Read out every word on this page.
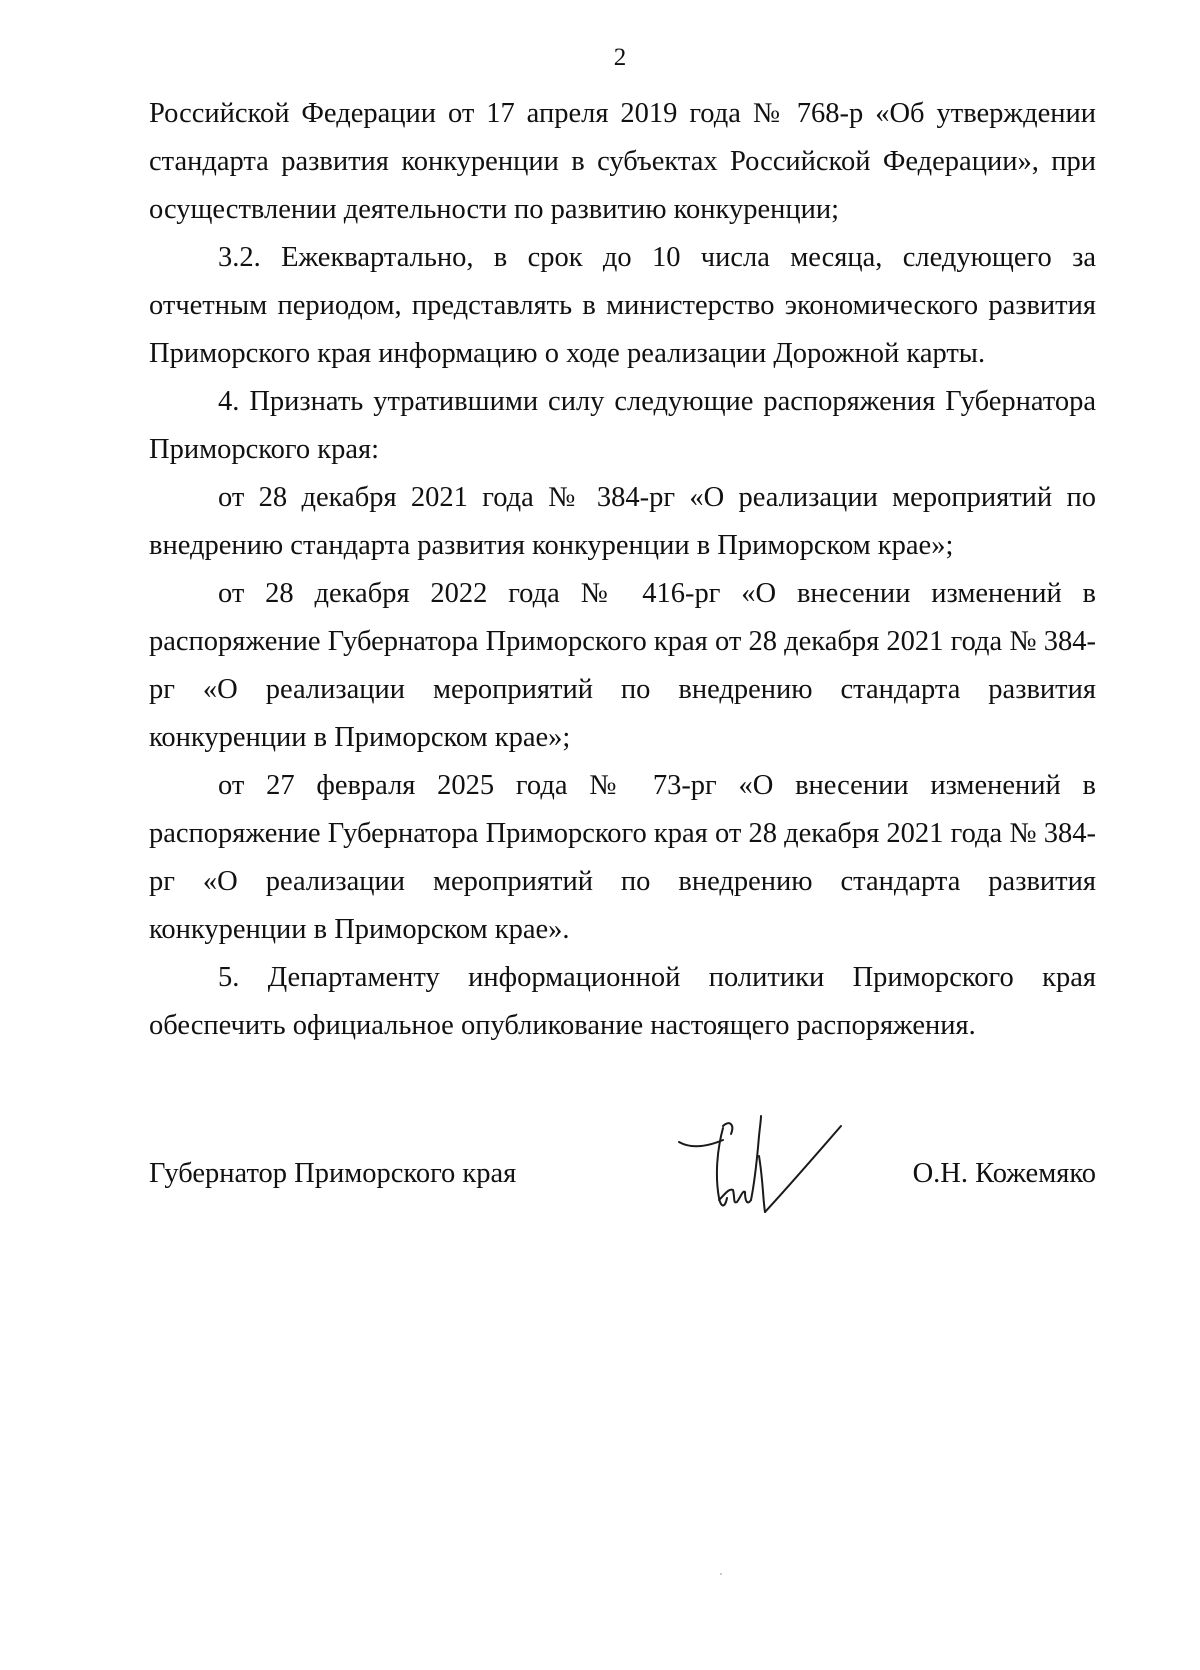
2

Российской Федерации от 17 апреля 2019 года № 768-р «Об утверждении стандарта развития конкуренции в субъектах Российской Федерации», при осуществлении деятельности по развитию конкуренции;

3.2. Ежеквартально, в срок до 10 числа месяца, следующего за отчетным периодом, представлять в министерство экономического развития Приморского края информацию о ходе реализации Дорожной карты.

4. Признать утратившими силу следующие распоряжения Губернатора Приморского края:

от 28 декабря 2021 года № 384-рг «О реализации мероприятий по внедрению стандарта развития конкуренции в Приморском крае»;

от 28 декабря 2022 года № 416-рг «О внесении изменений в распоряжение Губернатора Приморского края от 28 декабря 2021 года № 384-рг «О реализации мероприятий по внедрению стандарта развития конкуренции в Приморском крае»;

от 27 февраля 2025 года № 73-рг «О внесении изменений в распоряжение Губернатора Приморского края от 28 декабря 2021 года № 384-рг «О реализации мероприятий по внедрению стандарта развития конкуренции в Приморском крае».

5. Департаменту информационной политики Приморского края обеспечить официальное опубликование настоящего распоряжения.

Губернатор Приморского края	О.Н. Кожемяко
